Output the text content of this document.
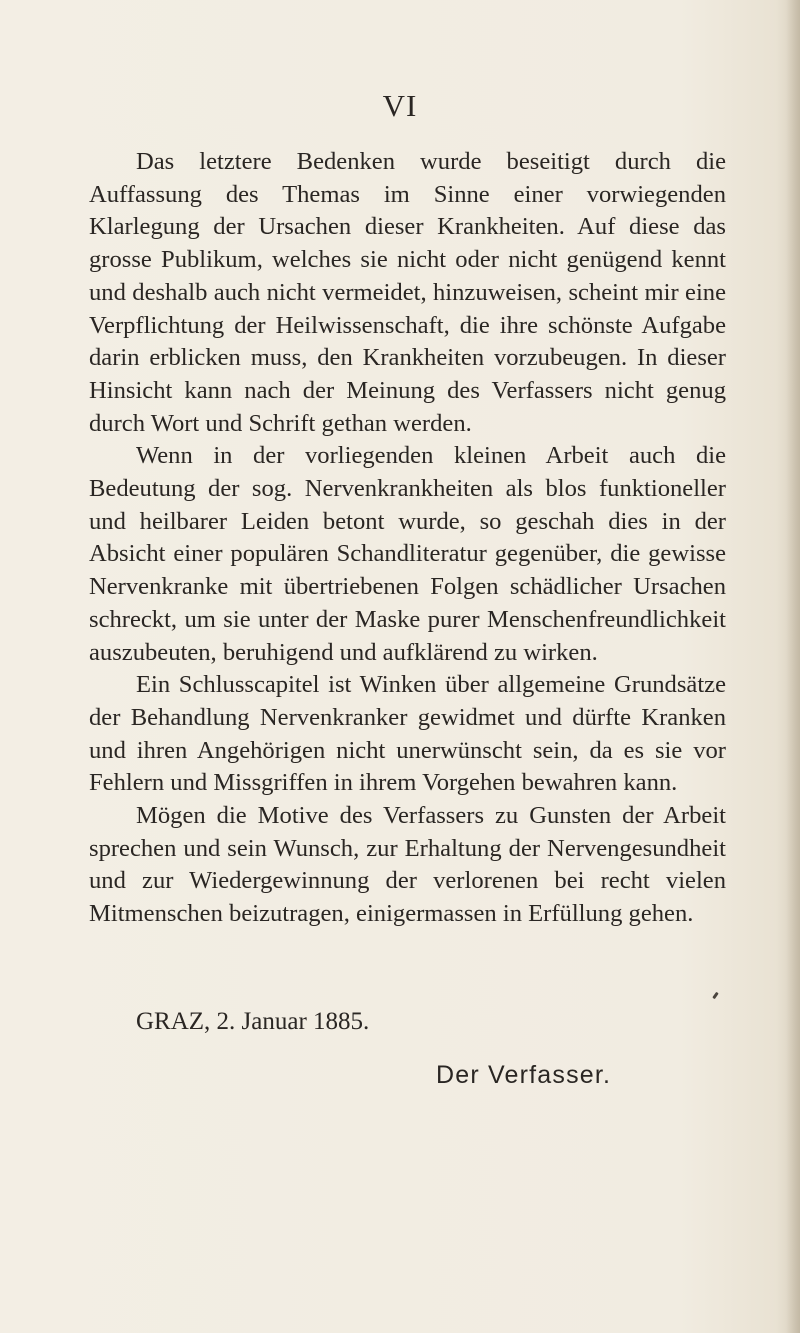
VI

Das letztere Bedenken wurde beseitigt durch die Auffassung des Themas im Sinne einer vorwiegenden Klarlegung der Ursachen dieser Krankheiten. Auf diese das grosse Publikum, welches sie nicht oder nicht genügend kennt und deshalb auch nicht vermeidet, hinzuweisen, scheint mir eine Verpflichtung der Heilwissenschaft, die ihre schönste Aufgabe darin erblicken muss, den Krankheiten vorzubeugen. In dieser Hinsicht kann nach der Meinung des Verfassers nicht genug durch Wort und Schrift gethan werden.

Wenn in der vorliegenden kleinen Arbeit auch die Bedeutung der sog. Nervenkrankheiten als blos funktioneller und heilbarer Leiden betont wurde, so geschah dies in der Absicht einer populären Schandliteratur gegenüber, die gewisse Nervenkranke mit übertriebenen Folgen schädlicher Ursachen schreckt, um sie unter der Maske purer Menschenfreundlichkeit auszubeuten, beruhigend und aufklärend zu wirken.

Ein Schlusscapitel ist Winken über allgemeine Grundsätze der Behandlung Nervenkranker gewidmet und dürfte Kranken und ihren Angehörigen nicht unerwünscht sein, da es sie vor Fehlern und Missgriffen in ihrem Vorgehen bewahren kann.

Mögen die Motive des Verfassers zu Gunsten der Arbeit sprechen und sein Wunsch, zur Erhaltung der Nervengesundheit und zur Wiedergewinnung der verlorenen bei recht vielen Mitmenschen beizutragen, einigermassen in Erfüllung gehen.

GRAZ, 2. Januar 1885.
Der Verfasser.
